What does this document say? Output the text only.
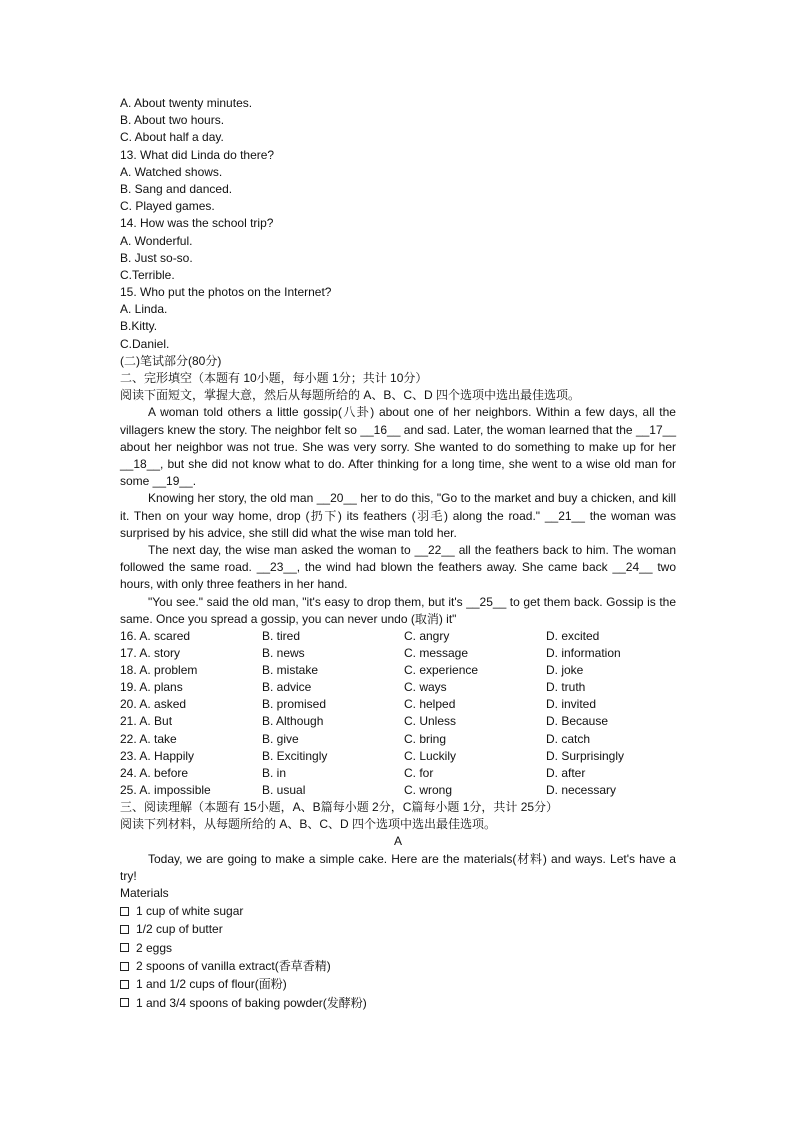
A. About twenty minutes.
B. About two hours.
C. About half a day.
13. What did Linda do there?
A. Watched shows.
B. Sang and danced.
C. Played games.
14. How was the school trip?
A. Wonderful.
B. Just so-so.
C.Terrible.
15. Who put the photos on the Internet?
A. Linda.
B.Kitty.
C.Daniel.
(二)笔试部分(80分)
二、完形填空（本题有 10小题，每小题 1分；共计 10分）
阅读下面短文，掌握大意，然后从每题所给的 A、B、C、D 四个选项中选出最佳选项。
A woman told others a little gossip(八卦) about one of her neighbors. Within a few days, all the villagers knew the story. The neighbor felt so __16__ and sad. Later, the woman learned that the __17__ about her neighbor was not true. She was very sorry. She wanted to do something to make up for her __18__, but she did not know what to do. After thinking for a long time, she went to a wise old man for some __19__.
Knowing her story, the old man __20__ her to do this, "Go to the market and buy a chicken, and kill it. Then on your way home, drop (扔下) its feathers (羽毛) along the road." __21__ the woman was surprised by his advice, she still did what the wise man told her.
The next day, the wise man asked the woman to __22__ all the feathers back to him. The woman followed the same road. __23__, the wind had blown the feathers away. She came back __24__ two hours, with only three feathers in her hand.
"You see." said the old man, "it's easy to drop them, but it's __25__ to get them back. Gossip is the same. Once you spread a gossip, you can never undo (取消) it"
16. A. scared	B. tired	C. angry	D. excited
17. A. story	B. news	C. message	D. information
18. A. problem	B. mistake	C. experience	D. joke
19. A. plans	B. advice	C. ways	D. truth
20. A. asked	B. promised	C. helped	D. invited
21. A. But	B. Although	C. Unless	D. Because
22. A. take	B. give	C. bring	D. catch
23. A. Happily	B. Excitingly	C. Luckily	D. Surprisingly
24. A. before	B. in	C. for	D. after
25. A. impossible	B. usual	C. wrong	D. necessary
三、阅读理解（本题有 15小题，A、B篇每小题 2分，C篇每小题 1分，共计 25分）
阅读下列材料，从每题所给的 A、B、C、D 四个选项中选出最佳选项。
A
Today, we are going to make a simple cake. Here are the materials(材料) and ways. Let's have a try!
Materials
1 cup of white sugar
1/2 cup of butter
2 eggs
2 spoons of vanilla extract(香草香精)
1 and 1/2 cups of flour(面粉)
1 and 3/4 spoons of baking powder(发酵粉)
